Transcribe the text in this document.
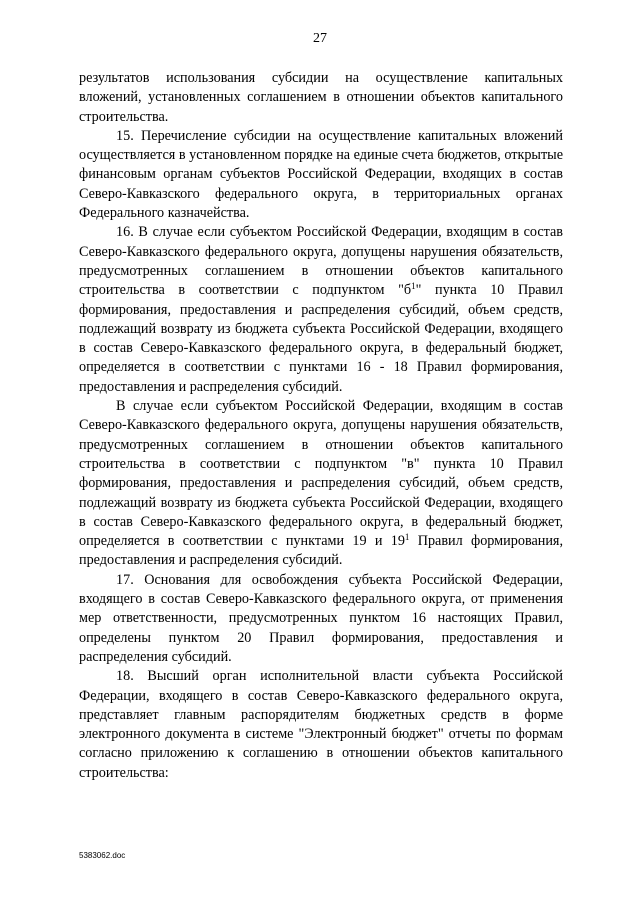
27

результатов использования субсидии на осуществление капитальных вложений, установленных соглашением в отношении объектов капитального строительства.

15. Перечисление субсидии на осуществление капитальных вложений осуществляется в установленном порядке на единые счета бюджетов, открытые финансовым органам субъектов Российской Федерации, входящих в состав Северо-Кавказского федерального округа, в территориальных органах Федерального казначейства.

16. В случае если субъектом Российской Федерации, входящим в состав Северо-Кавказского федерального округа, допущены нарушения обязательств, предусмотренных соглашением в отношении объектов капитального строительства в соответствии с подпунктом "$б^1$" пункта 10 Правил формирования, предоставления и распределения субсидий, объем средств, подлежащий возврату из бюджета субъекта Российской Федерации, входящего в состав Северо-Кавказского федерального округа, в федеральный бюджет, определяется в соответствии с пунктами 16 - 18 Правил формирования, предоставления и распределения субсидий.

В случае если субъектом Российской Федерации, входящим в состав Северо-Кавказского федерального округа, допущены нарушения обязательств, предусмотренных соглашением в отношении объектов капитального строительства в соответствии с подпунктом "в" пункта 10 Правил формирования, предоставления и распределения субсидий, объем средств, подлежащий возврату из бюджета субъекта Российской Федерации, входящего в состав Северо-Кавказского федерального округа, в федеральный бюджет, определяется в соответствии с пунктами 19 и $19^1$ Правил формирования, предоставления и распределения субсидий.

17. Основания для освобождения субъекта Российской Федерации, входящего в состав Северо-Кавказского федерального округа, от применения мер ответственности, предусмотренных пунктом 16 настоящих Правил, определены пунктом 20 Правил формирования, предоставления и распределения субсидий.

18. Высший орган исполнительной власти субъекта Российской Федерации, входящего в состав Северо-Кавказского федерального округа, представляет главным распорядителям бюджетных средств в форме электронного документа в системе "Электронный бюджет" отчеты по формам согласно приложению к соглашению в отношении объектов капитального строительства:

5383062.doc
